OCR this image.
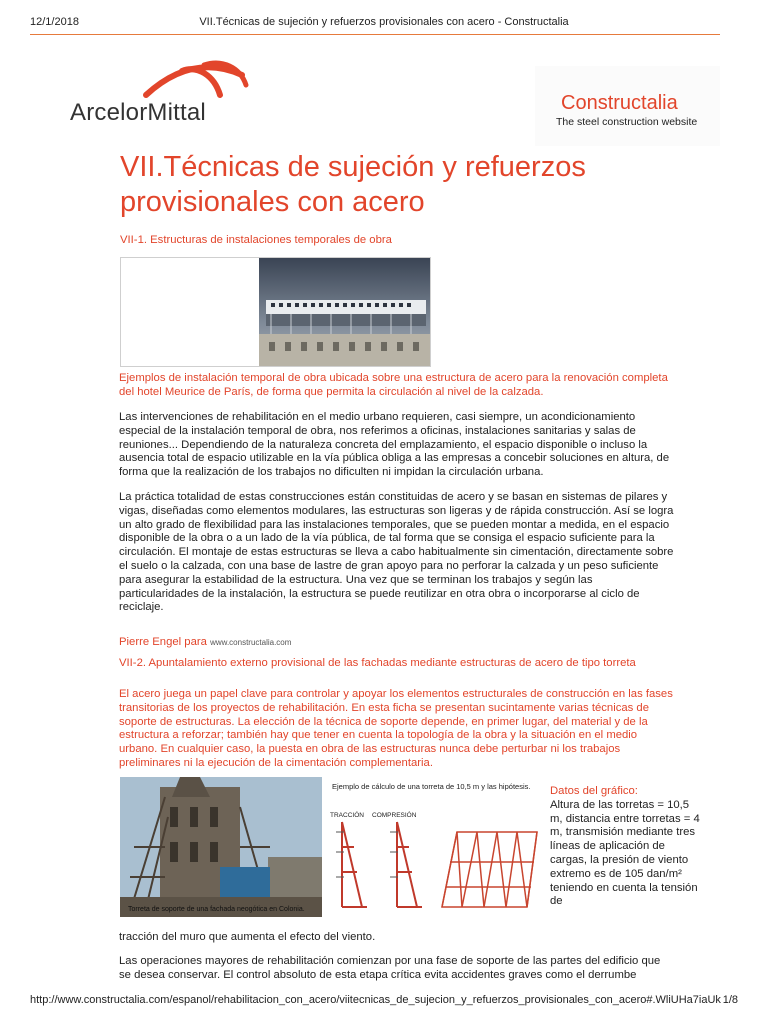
12/1/2018	VII.Técnicas de sujeción y refuerzos provisionales con acero - Constructalia
ArcelorMittal	Constructalia
The steel construction website
VII.Técnicas de sujeción y refuerzos provisionales con acero
VII-1. Estructuras de instalaciones temporales de obra
Ejemplos de instalación temporal de obra ubicada sobre una estructura de acero para la renovación completa del hotel Meurice de París, de forma que permita la circulación al nivel de la calzada.
Las intervenciones de rehabilitación en el medio urbano requieren, casi siempre, un acondicionamiento especial de la instalación temporal de obra, nos referimos a oficinas, instalaciones sanitarias y salas de reuniones... Dependiendo de la naturaleza concreta del emplazamiento, el espacio disponible o incluso la ausencia total de espacio utilizable en la vía pública obliga a las empresas a concebir soluciones en altura, de forma que la realización de los trabajos no dificulten ni impidan la circulación urbana.
La práctica totalidad de estas construcciones están constituidas de acero y se basan en sistemas de pilares y vigas, diseñadas como elementos modulares, las estructuras son ligeras y de rápida construcción. Así se logra un alto grado de flexibilidad para las instalaciones temporales, que se pueden montar a medida, en el espacio disponible de la obra o a un lado de la vía pública, de tal forma que se consiga el espacio suficiente para la circulación. El montaje de estas estructuras se lleva a cabo habitualmente sin cimentación, directamente sobre el suelo o la calzada, con una base de lastre de gran apoyo para no perforar la calzada y un peso suficiente para asegurar la estabilidad de la estructura. Una vez que se terminan los trabajos y según las particularidades de la instalación, la estructura se puede reutilizar en otra obra o incorporarse al ciclo de reciclaje.
Pierre Engel para www.constructalia.com
VII-2. Apuntalamiento externo provisional de las fachadas mediante estructuras de acero de tipo torreta
El acero juega un papel clave para controlar y apoyar los elementos estructurales de construcción en las fases transitorias de los proyectos de rehabilitación. En esta ficha se presentan sucintamente varias técnicas de soporte de estructuras. La elección de la técnica de soporte depende, en primer lugar, del material y de la estructura a reforzar; también hay que tener en cuenta la topología de la obra y la situación en el medio urbano. En cualquier caso, la puesta en obra de las estructuras nunca debe perturbar ni los trabajos preliminares ni la ejecución de la cimentación complementaria.
Torreta de soporte de una fachada neogótica en Colonia.
Ejemplo de cálculo de una torreta de 10,5 m y las hipótesis.
TRACCIÓN COMPRESIÓN
Datos del gráfico:
Altura de las torretas = 10,5 m, distancia entre torretas = 4 m, transmisión mediante tres líneas de aplicación de cargas, la presión de viento extremo es de 105 dan/m² teniendo en cuenta la tensión de
tracción del muro que aumenta el efecto del viento.
Las operaciones mayores de rehabilitación comienzan por una fase de soporte de las partes del edificio que se desea conservar. El control absoluto de esta etapa crítica evita accidentes graves como el derrumbe
http://www.constructalia.com/espanol/rehabilitacion_con_acero/viitecnicas_de_sujecion_y_refuerzos_provisionales_con_acero#.WliUHa7iaUk 1/8
